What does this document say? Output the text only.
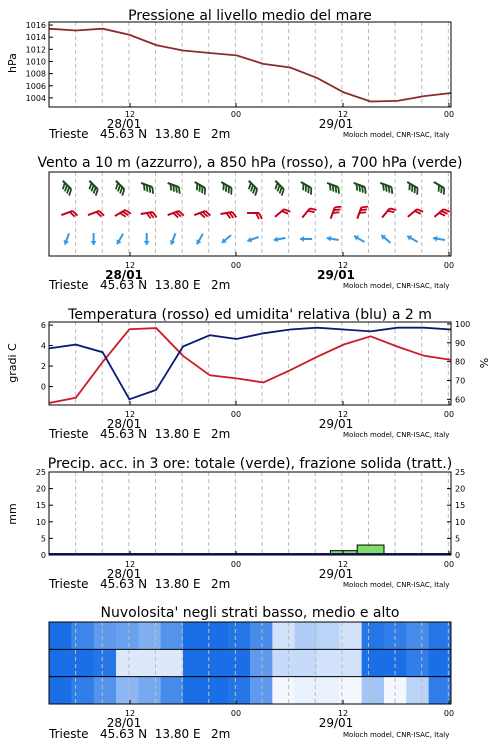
Pressione al livello medio del mare
hPa
1004
1006
1008
1010
1012
1014
1016
12	00	12	00
28/01	29/01
Trieste 45.63 N  13.80 E 2m	Moloch model, CNR-ISAC, Italy
Vento a 10 m (azzurro), a 850 hPa (rosso), a 700 hPa (verde)
12	00	12	00
28/01	29/01
Trieste 45.63 N  13.80 E 2m	Moloch model, CNR-ISAC, Italy
Temperatura (rosso) ed umidita' relativa (blu) a 2 m
gradi C	%
0
2
4
6
60
70
80
90
100
12	00	12	00
28/01	29/01
Trieste 45.63 N  13.80 E 2m	Moloch model, CNR-ISAC, Italy
Precip. acc. in 3 ore: totale (verde), frazione solida (tratt.)
mm
0	0
5	5
10	10
15	15
20	20
25	25
12	00	12	00
28/01	29/01
Trieste 45.63 N  13.80 E 2m	Moloch model, CNR-ISAC, Italy
Nuvolosita' negli strati basso, medio e alto
12	00	12	00
28/01	29/01
Trieste 45.63 N  13.80 E 2m	Moloch model, CNR-ISAC, Italy
